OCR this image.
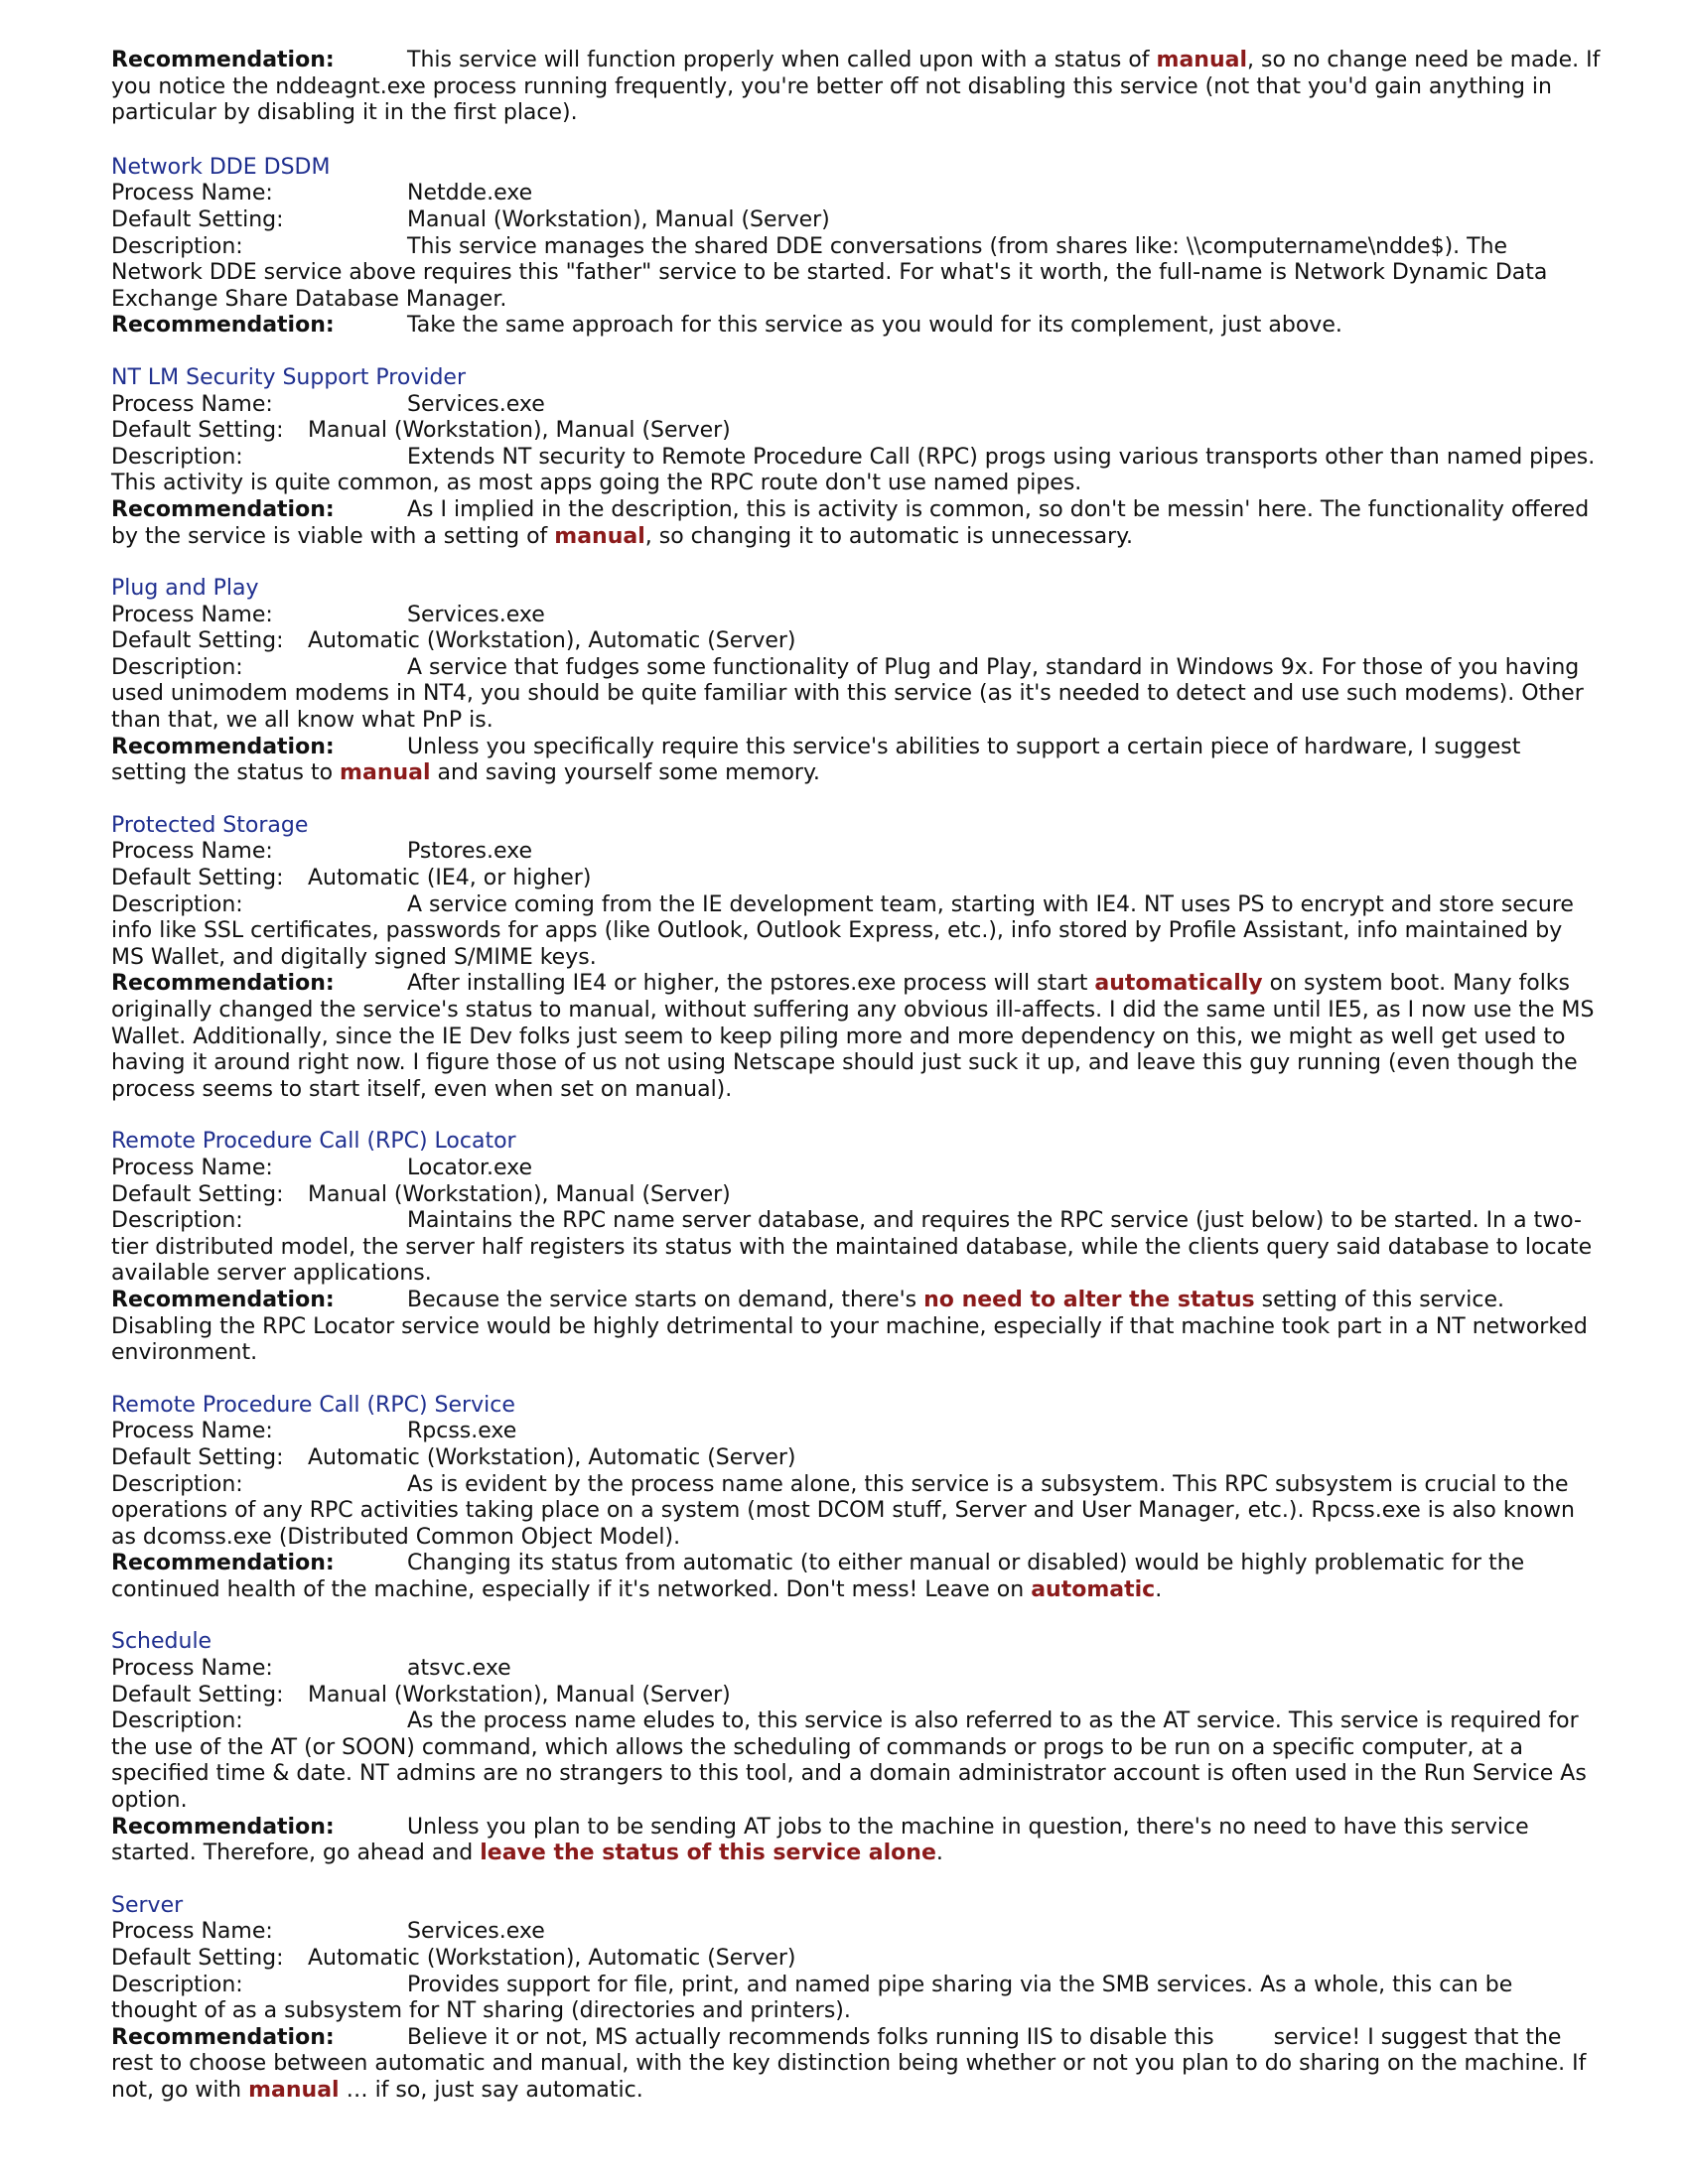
Recommendation:	This service will function properly when called upon with a status of manual, so no change need be made. If you notice the nddeagnt.exe process running frequently, you're better off not disabling this service (not that you'd gain anything in particular by disabling it in the first place).

Network DDE DSDM
Process Name:	Netdde.exe
Default Setting:	Manual (Workstation), Manual (Server)
Description:	This service manages the shared DDE conversations (from shares like: \\computername\ndde$). The Network DDE service above requires this "father" service to be started. For what's it worth, the full-name is Network Dynamic Data Exchange Share Database Manager.
Recommendation:	Take the same approach for this service as you would for its complement, just above.
NT LM Security Support Provider
Process Name:	Services.exe
Default Setting: Manual (Workstation), Manual (Server)
Description:	Extends NT security to Remote Procedure Call (RPC) progs using various transports other than named pipes. This activity is quite common, as most apps going the RPC route don't use named pipes.
Recommendation:	As I implied in the description, this is activity is common, so don't be messin' here. The functionality offered by the service is viable with a setting of manual, so changing it to automatic is unnecessary.
Plug and Play
Process Name:	Services.exe
Default Setting: Automatic (Workstation), Automatic (Server)
Description:	A service that fudges some functionality of Plug and Play, standard in Windows 9x. For those of you having used unimodem modems in NT4, you should be quite familiar with this service (as it's needed to detect and use such modems). Other than that, we all know what PnP is.
Recommendation:	Unless you specifically require this service's abilities to support a certain piece of hardware, I suggest setting the status to manual and saving yourself some memory.
Protected Storage
Process Name:	Pstores.exe
Default Setting: Automatic (IE4, or higher)
Description:	A service coming from the IE development team, starting with IE4. NT uses PS to encrypt and store secure info like SSL certificates, passwords for apps (like Outlook, Outlook Express, etc.), info stored by Profile Assistant, info maintained by MS Wallet, and digitally signed S/MIME keys.
Recommendation:	After installing IE4 or higher, the pstores.exe process will start automatically on system boot. Many folks originally changed the service's status to manual, without suffering any obvious ill-affects. I did the same until IE5, as I now use the MS Wallet. Additionally, since the IE Dev folks just seem to keep piling more and more dependency on this, we might as well get used to having it around right now. I figure those of us not using Netscape should just suck it up, and leave this guy running (even though the process seems to start itself, even when set on manual).
Remote Procedure Call (RPC) Locator
Process Name:	Locator.exe
Default Setting: Manual (Workstation), Manual (Server)
Description:	Maintains the RPC name server database, and requires the RPC service (just below) to be started. In a two-tier distributed model, the server half registers its status with the maintained database, while the clients query said database to locate available server applications.
Recommendation:	Because the service starts on demand, there's no need to alter the status setting of this service. Disabling the RPC Locator service would be highly detrimental to your machine, especially if that machine took part in a NT networked environment.
Remote Procedure Call (RPC) Service
Process Name:	Rpcss.exe
Default Setting: Automatic (Workstation), Automatic (Server)
Description:	As is evident by the process name alone, this service is a subsystem. This RPC subsystem is crucial to the operations of any RPC activities taking place on a system (most DCOM stuff, Server and User Manager, etc.). Rpcss.exe is also known as dcomss.exe (Distributed Common Object Model).
Recommendation:	Changing its status from automatic (to either manual or disabled) would be highly problematic for the continued health of the machine, especially if it's networked. Don't mess! Leave on automatic.
Schedule
Process Name:	atsvc.exe
Default Setting: Manual (Workstation), Manual (Server)
Description:	As the process name eludes to, this service is also referred to as the AT service. This service is required for the use of the AT (or SOON) command, which allows the scheduling of commands or progs to be run on a specific computer, at a specified time & date. NT admins are no strangers to this tool, and a domain administrator account is often used in the Run Service As option.
Recommendation:	Unless you plan to be sending AT jobs to the machine in question, there's no need to have this service started. Therefore, go ahead and leave the status of this service alone.
Server
Process Name:	Services.exe
Default Setting: Automatic (Workstation), Automatic (Server)
Description:	Provides support for file, print, and named pipe sharing via the SMB services. As a whole, this can be thought of as a subsystem for NT sharing (directories and printers).
Recommendation:	Believe it or not, MS actually recommends folks running IIS to disable this	service! I suggest that the rest to choose between automatic and manual, with the key distinction being whether or not you plan to do sharing on the machine. If not, go with manual … if so, just say automatic.
